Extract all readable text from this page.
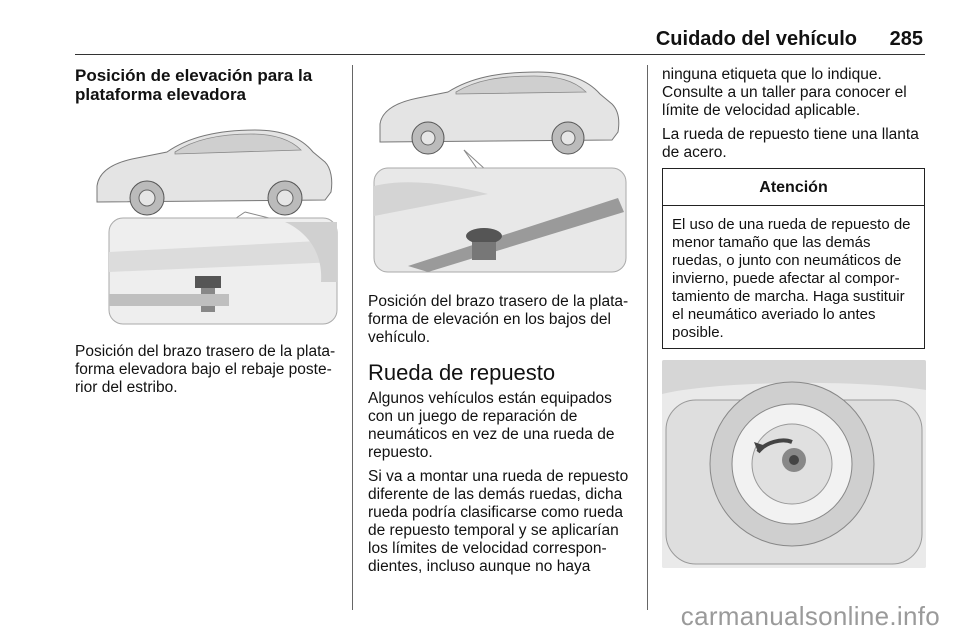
Cuidado del vehículo 285
Posición de elevación para la plataforma elevadora

Posición del brazo trasero de la plataforma elevadora bajo el rebaje posterior del estribo.

Posición del brazo trasero de la plataforma de elevación en los bajos del vehículo.

Rueda de repuesto

Algunos vehículos están equipados con un juego de reparación de neumáticos en vez de una rueda de repuesto.

Si va a montar una rueda de repuesto diferente de las demás ruedas, dicha rueda podría clasificarse como rueda de repuesto temporal y se aplicarían los límites de velocidad correspondientes, incluso aunque no haya

ninguna etiqueta que lo indique. Consulte a un taller para conocer el límite de velocidad aplicable.

La rueda de repuesto tiene una llanta de acero.

Atención

El uso de una rueda de repuesto de menor tamaño que las demás ruedas, o junto con neumáticos de invierno, puede afectar al comportamiento de marcha. Haga sustituir el neumático averiado lo antes posible.

carmanualsonline.info
